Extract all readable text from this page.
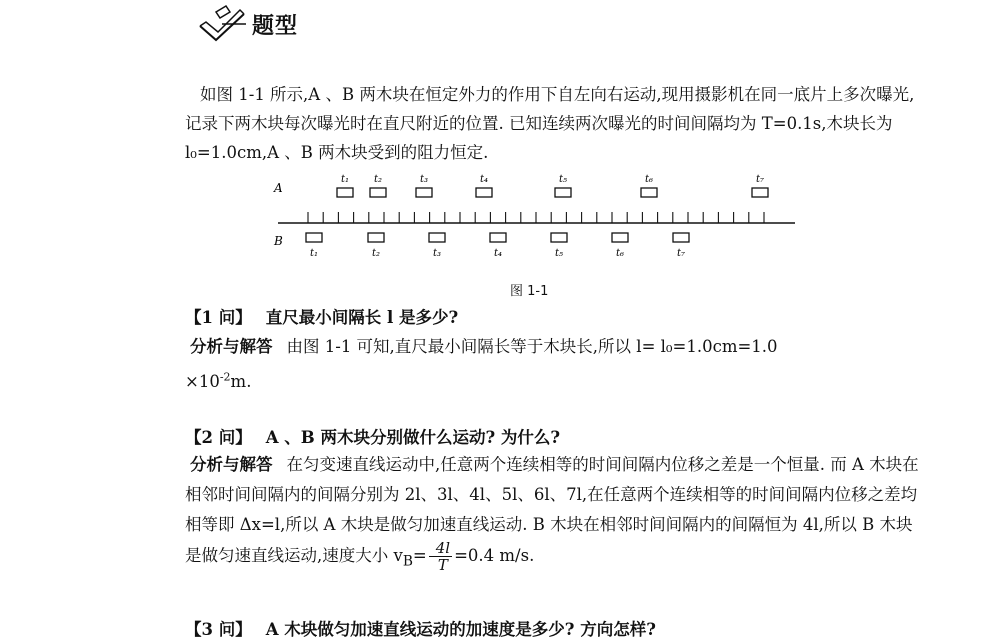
题型

如图 1-1 所示,A 、B 两木块在恒定外力的作用下自左向右运动,现用摄影机在同一底片上多次曝光,记录下两木块每次曝光时在直尺附近的位置. 已知连续两次曝光的时间间隔均为 T=0.1s,木块长为 l₀=1.0cm,A 、B 两木块受到的阻力恒定.

A
B
t₁ t₂	t₃	t₄	t₅	t₆	t₇
t₁	t₂	t₃	t₄	t₅	t₆	t₇
图 1-1
【1 问】 直尺最小间隔长 l 是多少?
分析与解答 由图 1-1 可知,直尺最小间隔长等于木块长,所以 l= l₀=1.0cm=1.0
$\times 10^{-2}m$.
【2 问】 A 、B 两木块分别做什么运动? 为什么?
分析与解答 在匀变速直线运动中,任意两个连续相等的时间间隔内位移之差是一个恒量. 而 A 木块在相邻时间间隔内的间隔分别为 2l、3l、4l、5l、6l、7l,在任意两个连续相等的时间间隔内位移之差均相等即 Δx=l,所以 A 木块是做匀加速直线运动. B 木块在相邻时间间隔内的间隔恒为 4l,所以 B 木块是做匀速直线运动,速度大小 $v_B= \frac{4l}{T} =0.4$ m/s.
【3 问】 A 木块做匀加速直线运动的加速度是多少? 方向怎样?
